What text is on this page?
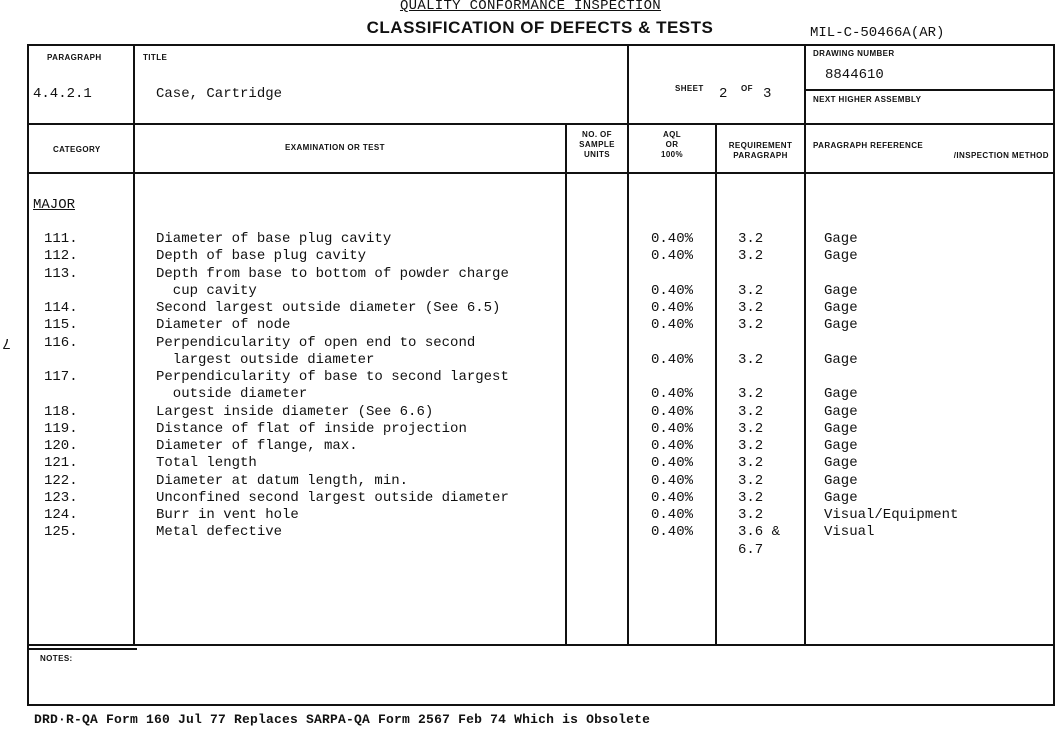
QUALITY CONFORMANCE INSPECTION
CLASSIFICATION OF DEFECTS & TESTS	MIL-C-50466A(AR)
7
PARAGRAPH
4.4.2.1
TITLE
Case, Cartridge	SHEET 2 OF 3
DRAWING NUMBER
8844610
NEXT HIGHER ASSEMBLY
CATEGORY	EXAMINATION OR TEST
NO. OF
SAMPLE
UNITS
AQL
OR
100%
REQUIREMENT
PARAGRAPH
PARAGRAPH REFERENCE
/INSPECTION METHOD
MAJOR
111.	Diameter of base plug cavity	0.40%	3.2	Gage
112.	Depth of base plug cavity	0.40%	3.2	Gage
113.	Depth from base to bottom of powder charge
cup cavity	0.40%	3.2	Gage
114.	Second largest outside diameter (See 6.5)	0.40%	3.2	Gage
115.	Diameter of node	0.40%	3.2	Gage
116.	Perpendicularity of open end to second
largest outside diameter	0.40%	3.2	Gage
117.	Perpendicularity of base to second largest
outside diameter	0.40%	3.2	Gage
118.	Largest inside diameter (See 6.6)	0.40%	3.2	Gage
119.	Distance of flat of inside projection	0.40%	3.2	Gage
120.	Diameter of flange, max.	0.40%	3.2	Gage
121.	Total length	0.40%	3.2	Gage
122.	Diameter at datum length, min.	0.40%	3.2	Gage
123.	Unconfined second largest outside diameter	0.40%	3.2	Gage
124.	Burr in vent hole	0.40%	3.2	Visual/Equipment
125.	Metal defective	0.40%	3.6 &	Visual
6.7
NOTES:
DRD∙R-QA Form 160 Jul 77 Replaces SARPA-QA Form 2567 Feb 74 Which is Obsolete
